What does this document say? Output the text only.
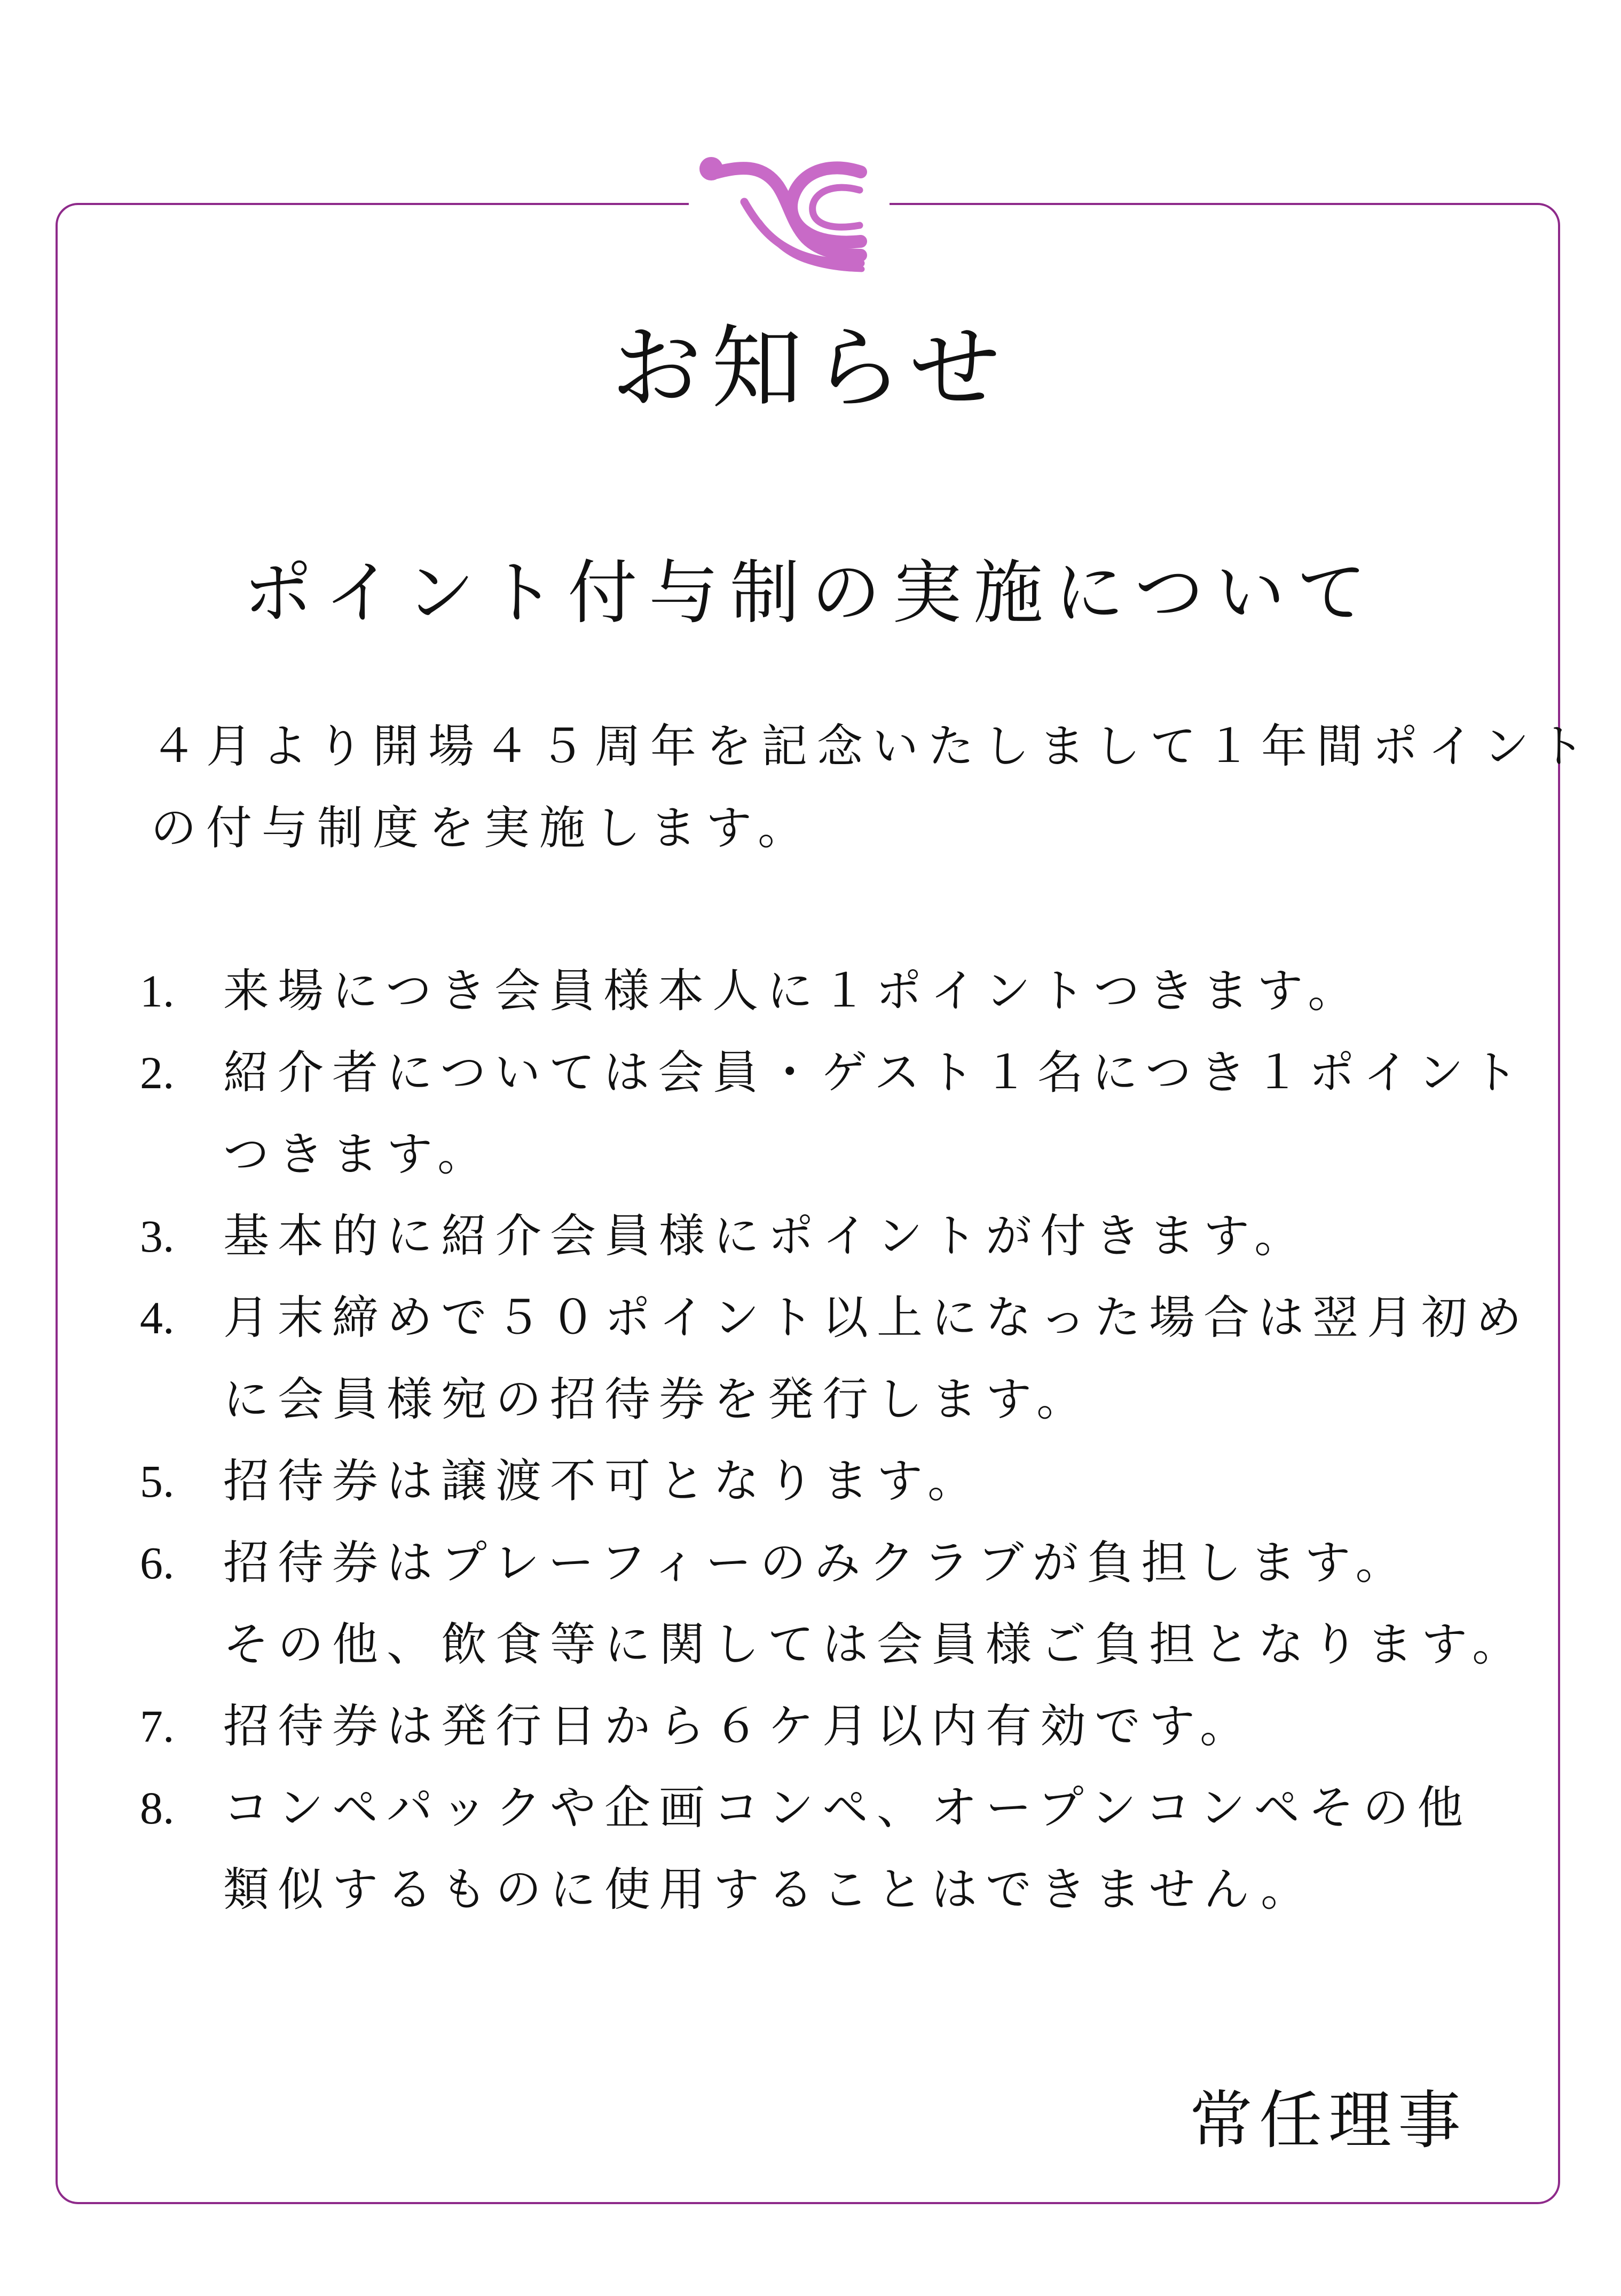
お知らせ
ポイント付与制の実施について
４月より開場４５周年を記念いたしまして１年間ポイント
の付与制度を実施します。
1. 来場につき会員様本人に１ポイントつきます。
2. 紹介者については会員・ゲスト１名につき１ポイント
つきます。
3. 基本的に紹介会員様にポイントが付きます。
4. 月末締めで５０ポイント以上になった場合は翌月初め
に会員様宛の招待券を発行します。
5. 招待券は譲渡不可となります。
6. 招待券はプレーフィーのみクラブが負担します。
その他、飲食等に関しては会員様ご負担となります。
7. 招待券は発行日から６ケ月以内有効です。
8. コンペパックや企画コンペ、オープンコンペその他
類似するものに使用することはできません。
常任理事
